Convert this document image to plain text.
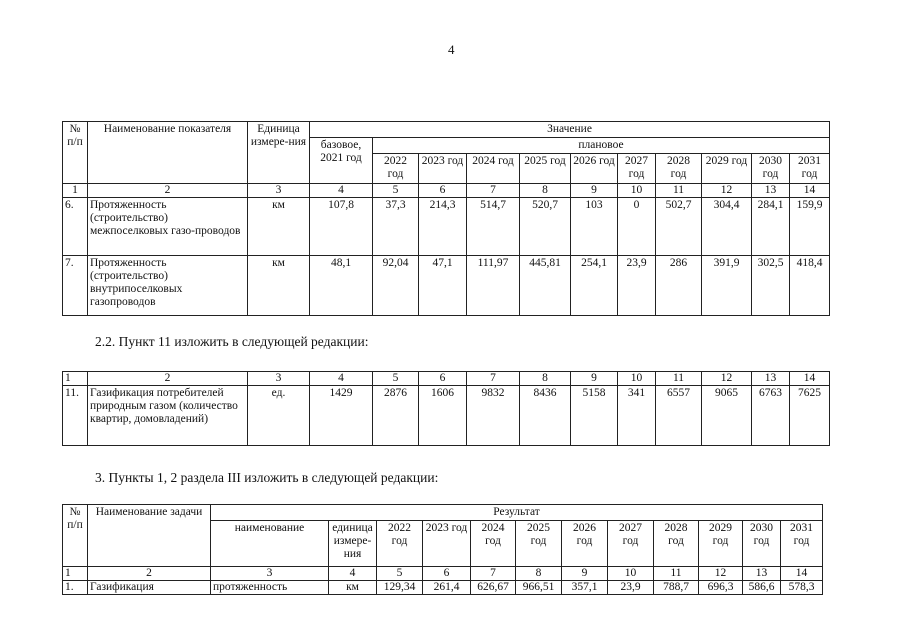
4
№ п/п	Наименование показателя	Единица измере-ния	Значение										
			базовое, 2021 год	плановое									
				2022 год	2023 год	2024 год	2025 год	2026 год	2027 год	2028 год	2029 год	2030 год	2031 год
1	2	3	4	5	6	7	8	9	10	11	12	13	14
6.	Протяженность (строительство) межпоселковых газо-проводов	км	107,8	37,3	214,3	514,7	520,7	103	0	502,7	304,4	284,1	159,9
7.	Протяженность (строительство) внутрипоселковых газопроводов	км	48,1	92,04	47,1	111,97	445,81	254,1	23,9	286	391,9	302,5	418,4
2.2. Пункт 11 изложить в следующей редакции:
1	2	3	4	5	6	7	8	9	10	11	12	13	14
11.	Газификация потребителей природным газом (количество квартир, домовладений)	ед.	1429	2876	1606	9832	8436	5158	341	6557	9065	6763	7625
3. Пункты 1, 2 раздела III изложить в следующей редакции:
№ п/п	Наименование задачи	Результат											
		наименование	единица измере-ния	2022 год	2023 год	2024 год	2025 год	2026 год	2027 год	2028 год	2029 год	2030 год	2031 год
1	2	3	4	5	6	7	8	9	10	11	12	13	14
1.	Газификация	протяженность	км	129,34	261,4	626,67	966,51	357,1	23,9	788,7	696,3	586,6	578,3
